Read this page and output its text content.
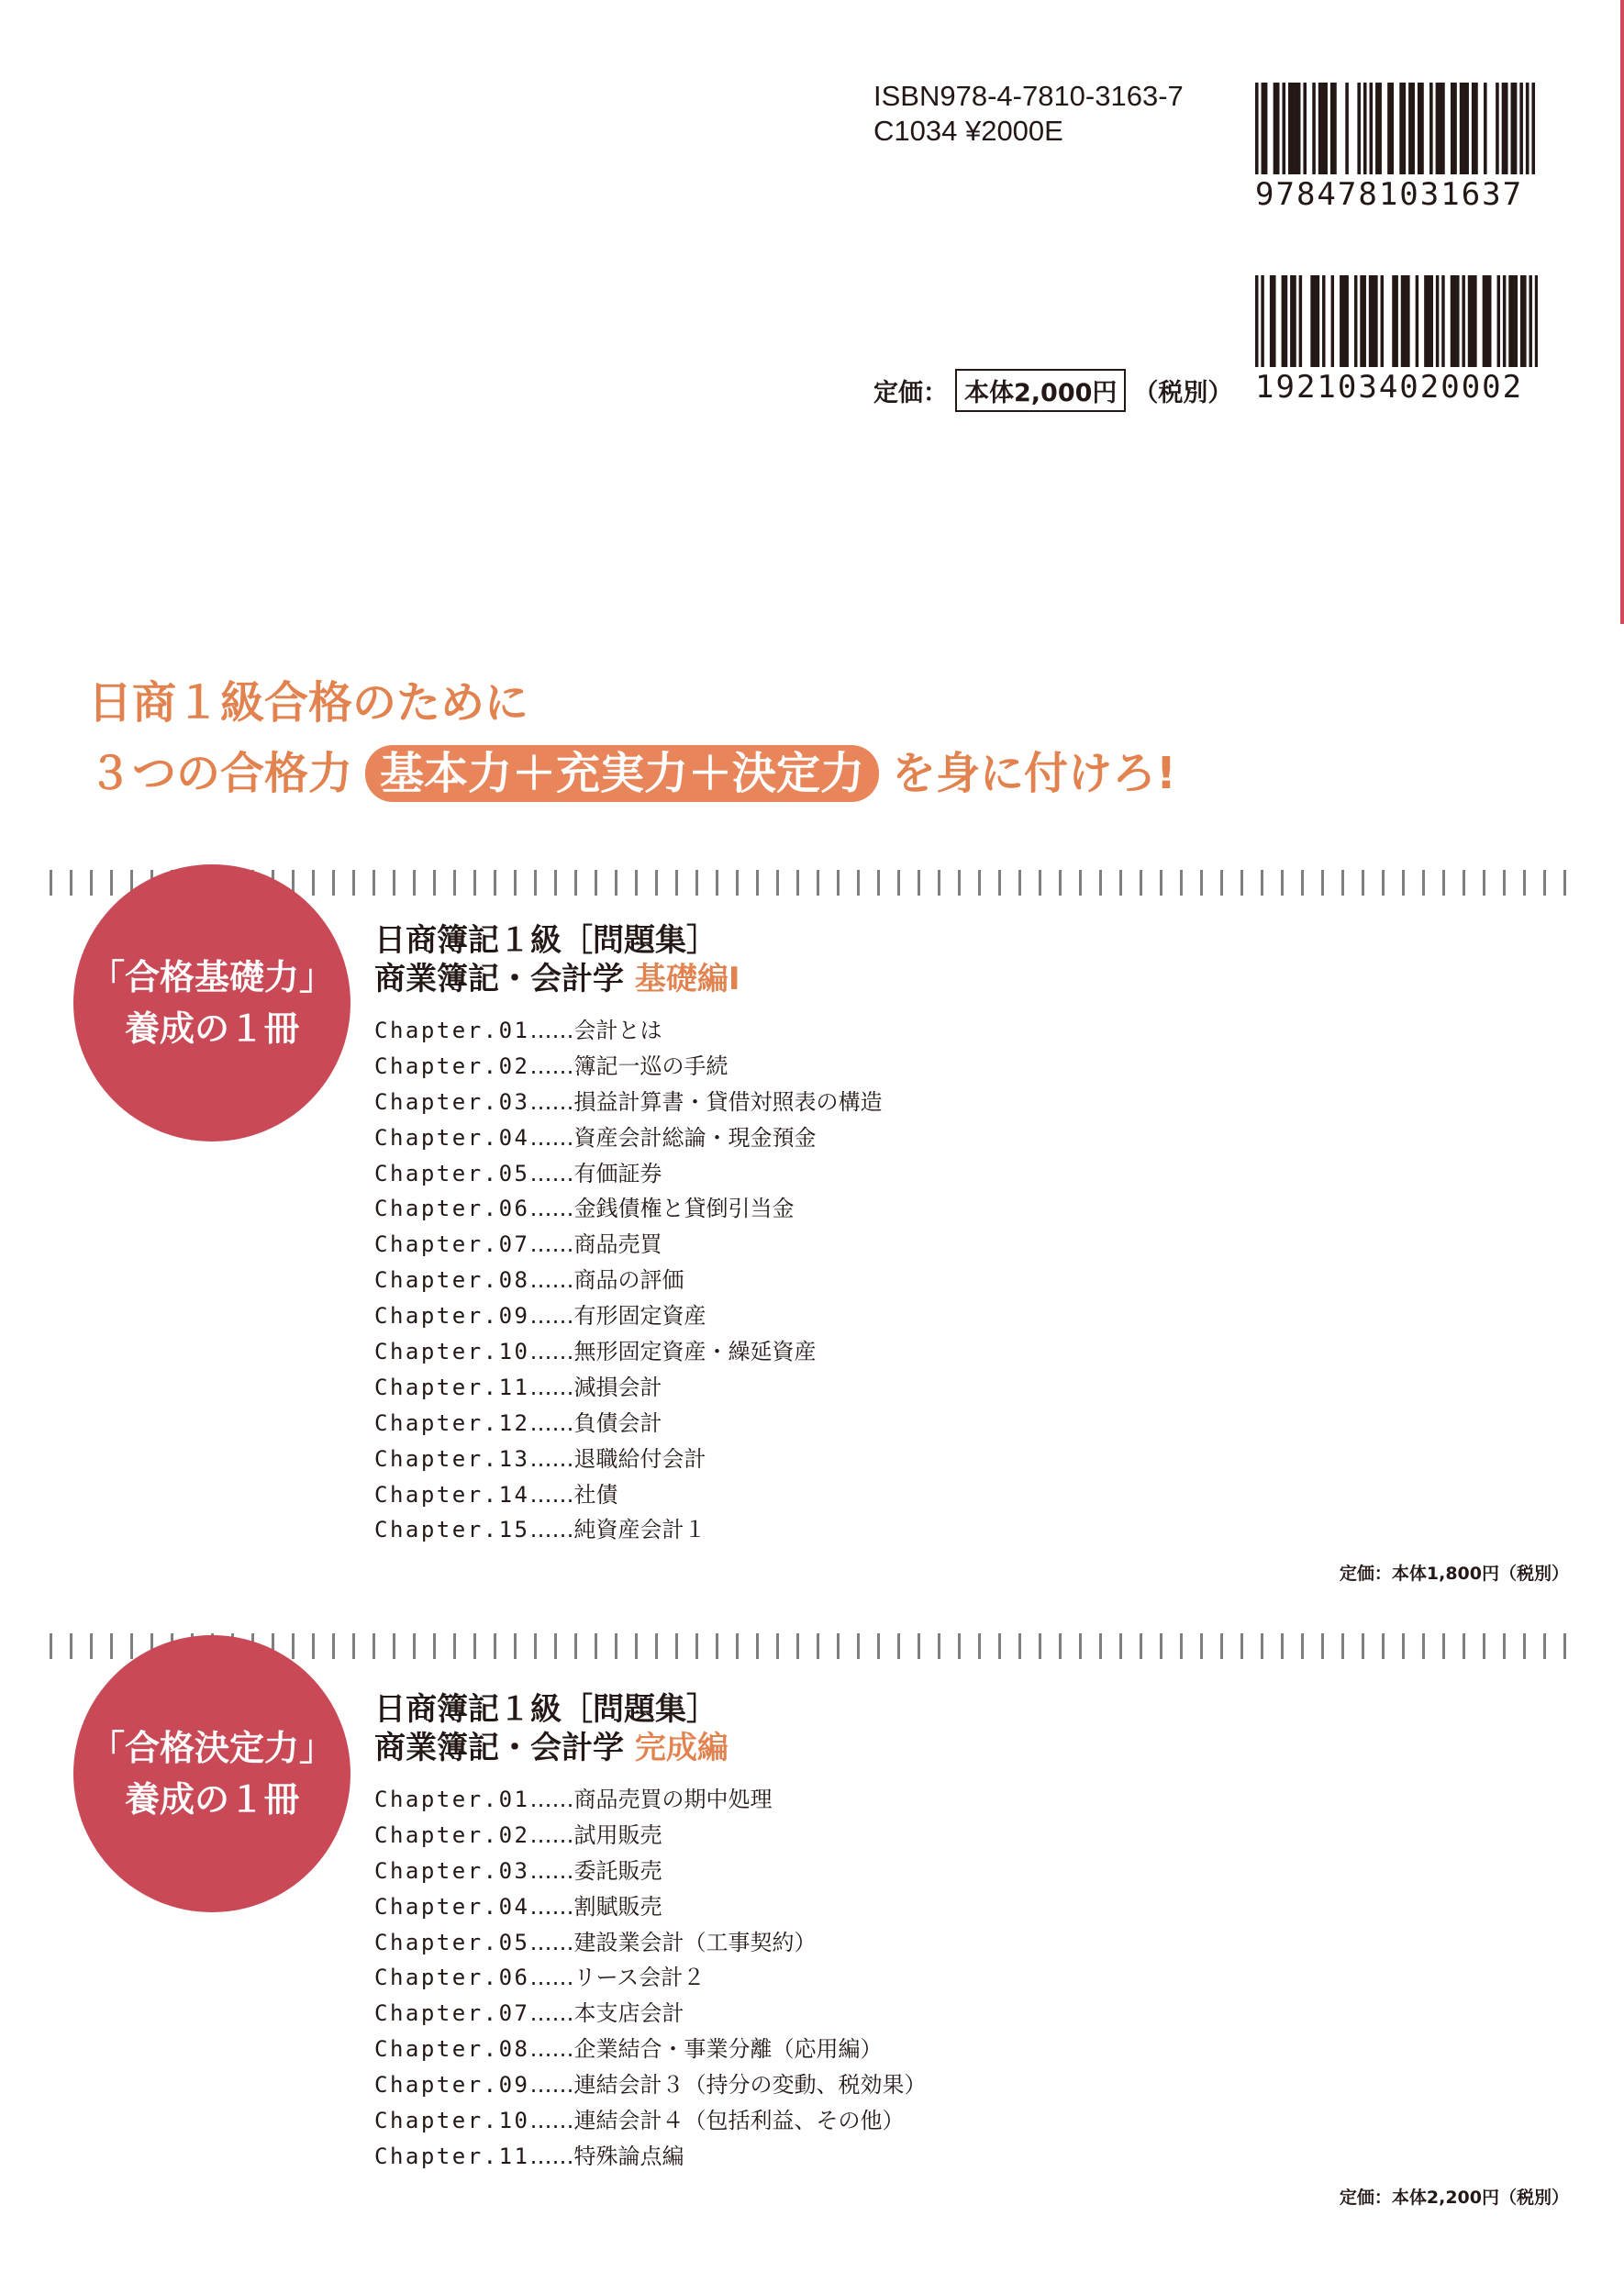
ISBN978-4-7810-3163-7
C1034 ¥2000E
9784781031637
1921034020002
定価： 本体2,000円 （税別）
日商１級合格のために
３つの合格力 基本力＋充実力＋決定力 を身に付けろ!
「合格基礎力」
養成の１冊
日商簿記１級［問題集］
商業簿記・会計学 基礎編Ⅰ
Chapter.01……会計とは
Chapter.02……簿記一巡の手続
Chapter.03……損益計算書・貸借対照表の構造
Chapter.04……資産会計総論・現金預金
Chapter.05……有価証券
Chapter.06……金銭債権と貸倒引当金
Chapter.07……商品売買
Chapter.08……商品の評価
Chapter.09……有形固定資産
Chapter.10……無形固定資産・繰延資産
Chapter.11……減損会計
Chapter.12……負債会計
Chapter.13……退職給付会計
Chapter.14……社債
Chapter.15……純資産会計１
定価：本体1,800円（税別）
「合格決定力」
養成の１冊
日商簿記１級［問題集］
商業簿記・会計学 完成編
Chapter.01……商品売買の期中処理
Chapter.02……試用販売
Chapter.03……委託販売
Chapter.04……割賦販売
Chapter.05……建設業会計（工事契約）
Chapter.06……リース会計２
Chapter.07……本支店会計
Chapter.08……企業結合・事業分離（応用編）
Chapter.09……連結会計３（持分の変動、税効果）
Chapter.10……連結会計４（包括利益、その他）
Chapter.11……特殊論点編
定価：本体2,200円（税別）
